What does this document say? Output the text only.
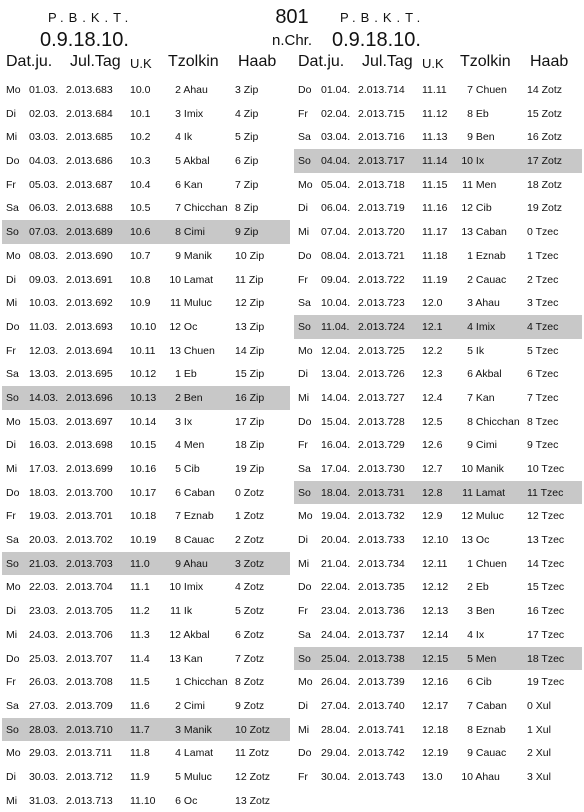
P.B.K.T.
0.9.18.10.
801
n.Chr.
P.B.K.T.
0.9.18.10.
Dat.ju. Jul.Tag U.K Tzolkin Haab
Mo 01.03. 2.013.683 10.0	2 Ahau	3 Zip
Di 02.03. 2.013.684 10.1	3 Imix	4 Zip
Mi 03.03. 2.013.685 10.2	4 Ik	5 Zip
Do 04.03. 2.013.686 10.3	5 Akbal	6 Zip
Fr 05.03. 2.013.687 10.4	6 Kan	7 Zip
Sa 06.03. 2.013.688 10.5	7 Chicchan 8 Zip
So 07.03. 2.013.689 10.6	8 Cimi	9 Zip
Mo 08.03. 2.013.690 10.7	9 Manik	10 Zip
Di 09.03. 2.013.691 10.8	10 Lamat	11 Zip
Mi 10.03. 2.013.692 10.9	11 Muluc	12 Zip
Do 11.03. 2.013.693 10.10	12 Oc	13 Zip
Fr 12.03. 2.013.694 10.11	13 Chuen	14 Zip
Sa 13.03. 2.013.695 10.12	1 Eb	15 Zip
So 14.03. 2.013.696 10.13	2 Ben	16 Zip
Mo 15.03. 2.013.697 10.14	3 Ix	17 Zip
Di 16.03. 2.013.698 10.15	4 Men	18 Zip
Mi 17.03. 2.013.699 10.16	5 Cib	19 Zip
Do 18.03. 2.013.700 10.17	6 Caban	0 Zotz
Fr 19.03. 2.013.701 10.18	7 Eznab	1 Zotz
Sa 20.03. 2.013.702 10.19	8 Cauac	2 Zotz
So 21.03. 2.013.703 11.0	9 Ahau	3 Zotz
Mo 22.03. 2.013.704 11.1	10 Imix	4 Zotz
Di 23.03. 2.013.705 11.2	11 Ik	5 Zotz
Mi 24.03. 2.013.706 11.3	12 Akbal	6 Zotz
Do 25.03. 2.013.707 11.4	13 Kan	7 Zotz
Fr 26.03. 2.013.708 11.5	1 Chicchan 8 Zotz
Sa 27.03. 2.013.709 11.6	2 Cimi	9 Zotz
So 28.03. 2.013.710 11.7	3 Manik	10 Zotz
Mo 29.03. 2.013.711 11.8	4 Lamat	11 Zotz
Di 30.03. 2.013.712 11.9	5 Muluc	12 Zotz
Mi 31.03. 2.013.713 11.10	6 Oc	13 Zotz
Dat.ju. Jul.Tag U.K Tzolkin Haab
Do 01.04. 2.013.714 11.11	7 Chuen	14 Zotz
Fr 02.04. 2.013.715 11.12	8 Eb	15 Zotz
Sa 03.04. 2.013.716 11.13	9 Ben	16 Zotz
So 04.04. 2.013.717 11.14	10 Ix	17 Zotz
Mo 05.04. 2.013.718 11.15	11 Men	18 Zotz
Di 06.04. 2.013.719 11.16	12 Cib	19 Zotz
Mi 07.04. 2.013.720 11.17	13 Caban	0 Tzec
Do 08.04. 2.013.721 11.18	1 Eznab	1 Tzec
Fr 09.04. 2.013.722 11.19	2 Cauac	2 Tzec
Sa 10.04. 2.013.723 12.0	3 Ahau	3 Tzec
So 11.04. 2.013.724 12.1	4 Imix	4 Tzec
Mo 12.04. 2.013.725 12.2	5 Ik	5 Tzec
Di 13.04. 2.013.726 12.3	6 Akbal	6 Tzec
Mi 14.04. 2.013.727 12.4	7 Kan	7 Tzec
Do 15.04. 2.013.728 12.5	8 Chicchan 8 Tzec
Fr 16.04. 2.013.729 12.6	9 Cimi	9 Tzec
Sa 17.04. 2.013.730 12.7	10 Manik	10 Tzec
So 18.04. 2.013.731 12.8	11 Lamat	11 Tzec
Mo 19.04. 2.013.732 12.9	12 Muluc	12 Tzec
Di 20.04. 2.013.733 12.10	13 Oc	13 Tzec
Mi 21.04. 2.013.734 12.11	1 Chuen	14 Tzec
Do 22.04. 2.013.735 12.12	2 Eb	15 Tzec
Fr 23.04. 2.013.736 12.13	3 Ben	16 Tzec
Sa 24.04. 2.013.737 12.14	4 Ix	17 Tzec
So 25.04. 2.013.738 12.15	5 Men	18 Tzec
Mo 26.04. 2.013.739 12.16	6 Cib	19 Tzec
Di 27.04. 2.013.740 12.17	7 Caban	0 Xul
Mi 28.04. 2.013.741 12.18	8 Eznab	1 Xul
Do 29.04. 2.013.742 12.19	9 Cauac	2 Xul
Fr 30.04. 2.013.743 13.0	10 Ahau	3 Xul
